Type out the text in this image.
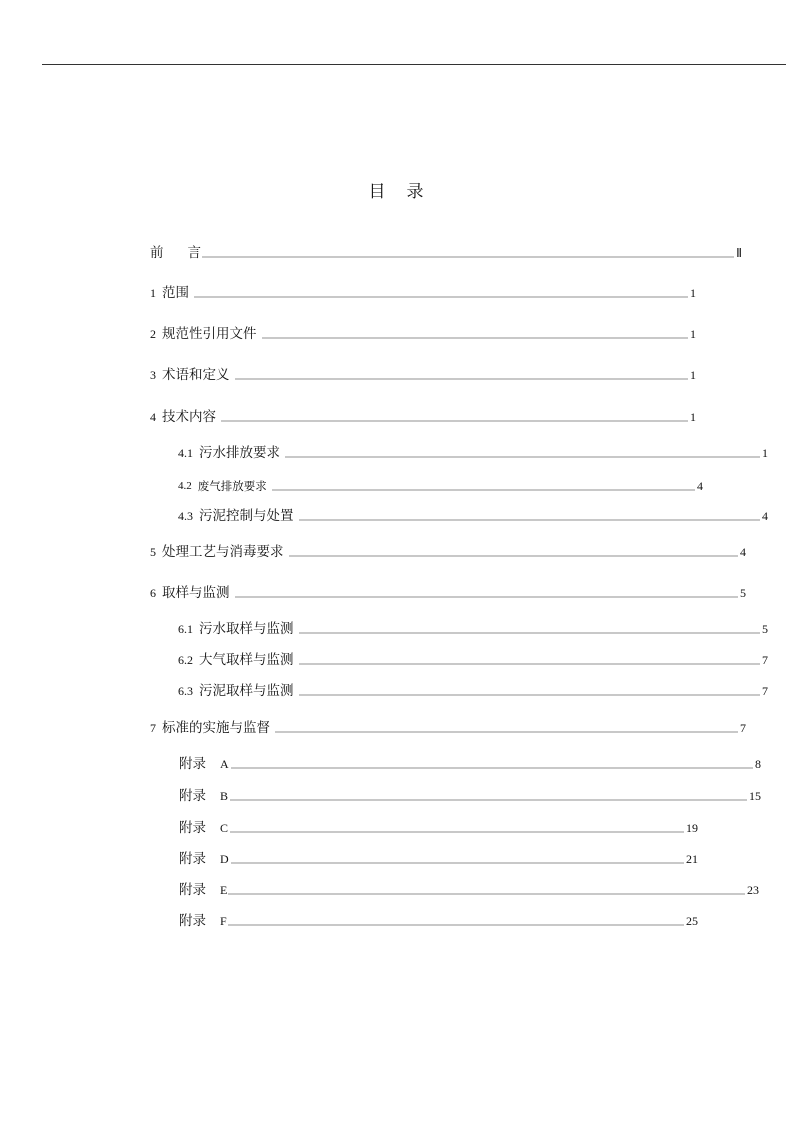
目 录
前 言	Ⅱ
1 范围	1
2 规范性引用文件	1
3 术语和定义	1
4 技术内容	1
4.1 污水排放要求	1
4.2 废气排放要求	4
4.3 污泥控制与处置	4
5 处理工艺与消毒要求	4
6 取样与监测	5
6.1 污水取样与监测	5
6.2 大气取样与监测	7
6.3 污泥取样与监测	7
7 标准的实施与监督	7
附录 A	8
附录 B	15
附录 C	19
附录 D	21
附录 E	23
附录 F	25
